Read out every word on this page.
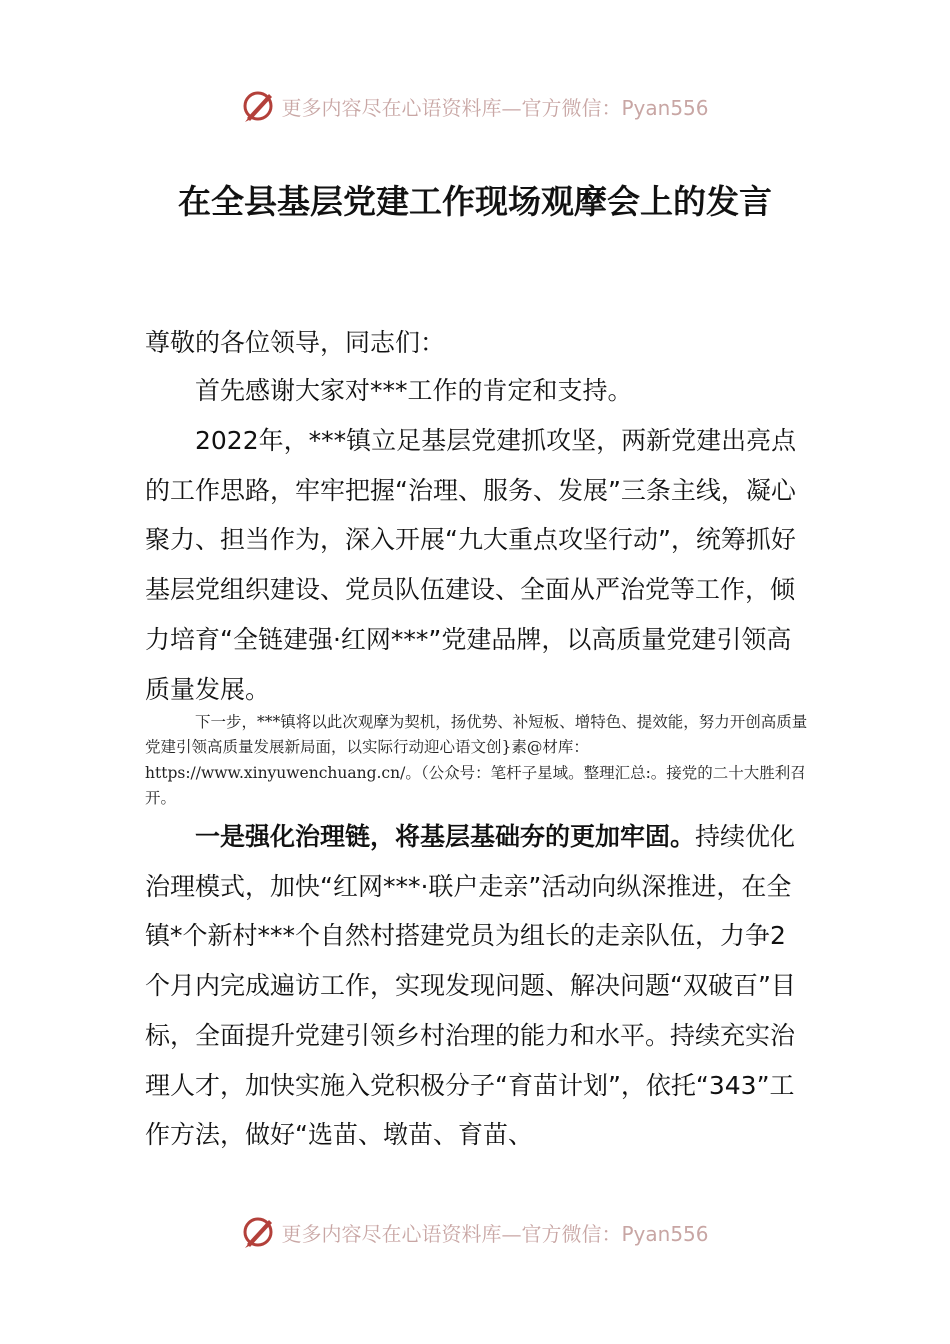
更多内容尽在心语资料库—官方微信：Pyan556
在全县基层党建工作现场观摩会上的发言
尊敬的各位领导，同志们：
首先感谢大家对***工作的肯定和支持。
2022年，***镇立足基层党建抓攻坚，两新党建出亮点的工作思路，牢牢把握“治理、服务、发展”三条主线，凝心聚力、担当作为，深入开展“九大重点攻坚行动”，统筹抓好基层党组织建设、党员队伍建设、全面从严治党等工作，倾力培育“全链建强·红网***”党建品牌，以高质量党建引领高质量发展。
下一步，***镇将以此次观摩为契机，扬优势、补短板、增特色、提效能，努力开创高质量党建引领高质量发展新局面，以实际行动迎心语文创}素@材库：https://www.xinyuwenchuang.cn/。（公众号：笔杆子星域。整理汇总:。接党的二十大胜利召开。
一是强化治理链，将基层基础夯的更加牢固。持续优化治理模式，加快“红网***·联户走亲”活动向纵深推进，在全镇*个新村***个自然村搭建党员为组长的走亲队伍，力争2个月内完成遍访工作，实现发现问题、解决问题“双破百”目标，全面提升党建引领乡村治理的能力和水平。持续充实治理人才，加快实施入党积极分子“育苗计划”，依托“343”工作方法，做好“选苗、墩苗、育苗、
更多内容尽在心语资料库—官方微信：Pyan556
